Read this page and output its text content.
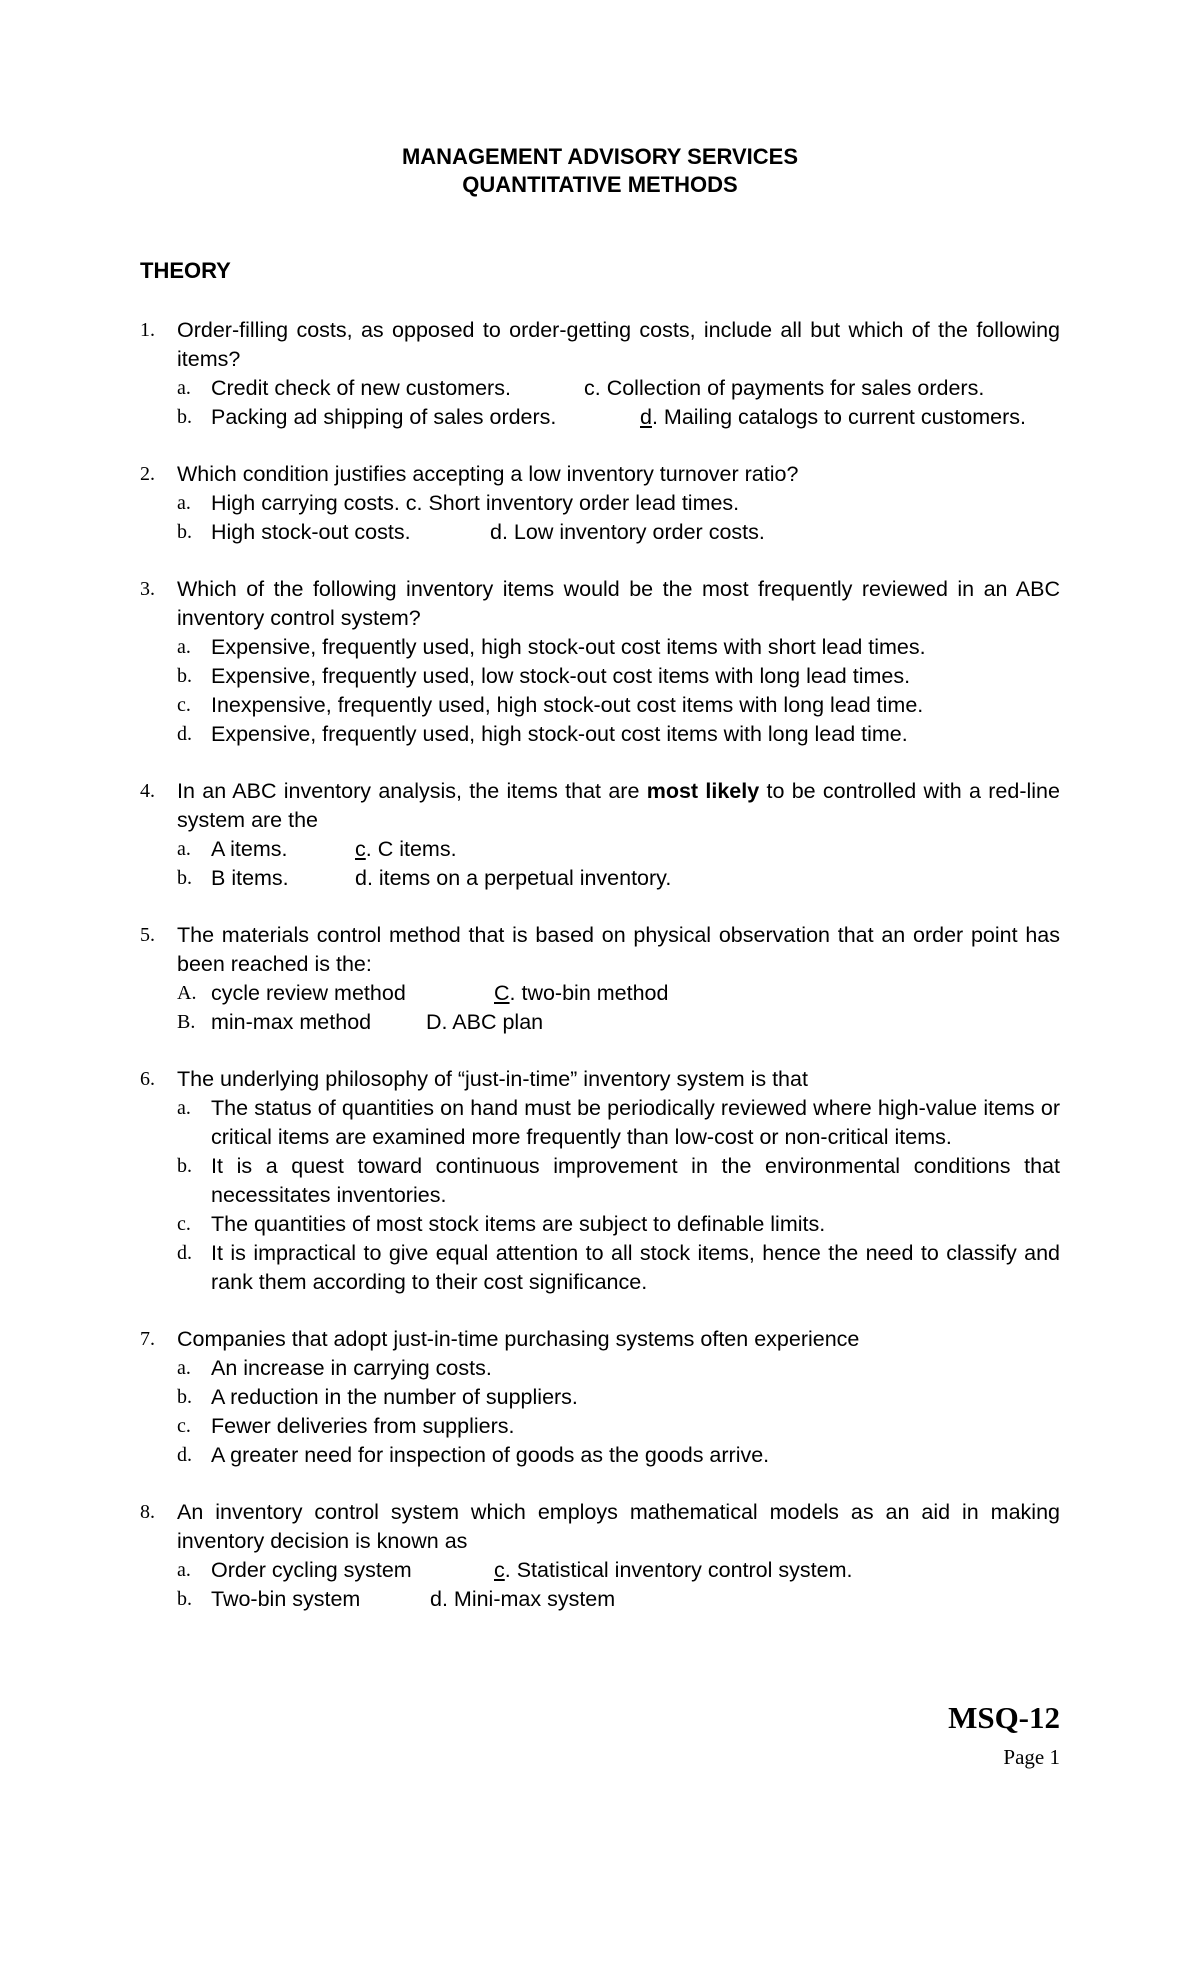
MANAGEMENT ADVISORY SERVICES
QUANTITATIVE METHODS
THEORY
1.	Order-filling costs, as opposed to order-getting costs, include all but which of the following items?
a. Credit check of new customers.	c. Collection of payments for sales orders.
b. Packing ad shipping of sales orders.	d. Mailing catalogs to current customers.
2.	Which condition justifies accepting a low inventory turnover ratio?
a. High carrying costs. c. Short inventory order lead times.
b. High stock-out costs.	d. Low inventory order costs.
3.	Which of the following inventory items would be the most frequently reviewed in an ABC inventory control system?
a. Expensive, frequently used, high stock-out cost items with short lead times.
b. Expensive, frequently used, low stock-out cost items with long lead times.
c. Inexpensive, frequently used, high stock-out cost items with long lead time.
d. Expensive, frequently used, high stock-out cost items with long lead time.
4.	In an ABC inventory analysis, the items that are most likely to be controlled with a red-line system are the
a. A items.	c. C items.
b. B items.	d. items on a perpetual inventory.
5.	The materials control method that is based on physical observation that an order point has been reached is the:
A. cycle review method	C. two-bin method
B. min-max method	D. ABC plan
6.	The underlying philosophy of “just-in-time” inventory system is that
a. The status of quantities on hand must be periodically reviewed where high-value items or critical items are examined more frequently than low-cost or non-critical items.
b. It is a quest toward continuous improvement in the environmental conditions that necessitates inventories.
c. The quantities of most stock items are subject to definable limits.
d. It is impractical to give equal attention to all stock items, hence the need to classify and rank them according to their cost significance.
7.	Companies that adopt just-in-time purchasing systems often experience
a. An increase in carrying costs.
b. A reduction in the number of suppliers.
c. Fewer deliveries from suppliers.
d. A greater need for inspection of goods as the goods arrive.
8.	An inventory control system which employs mathematical models as an aid in making inventory decision is known as
a. Order cycling system	c. Statistical inventory control system.
b. Two-bin system	d. Mini-max system
MSQ-12
Page 1
